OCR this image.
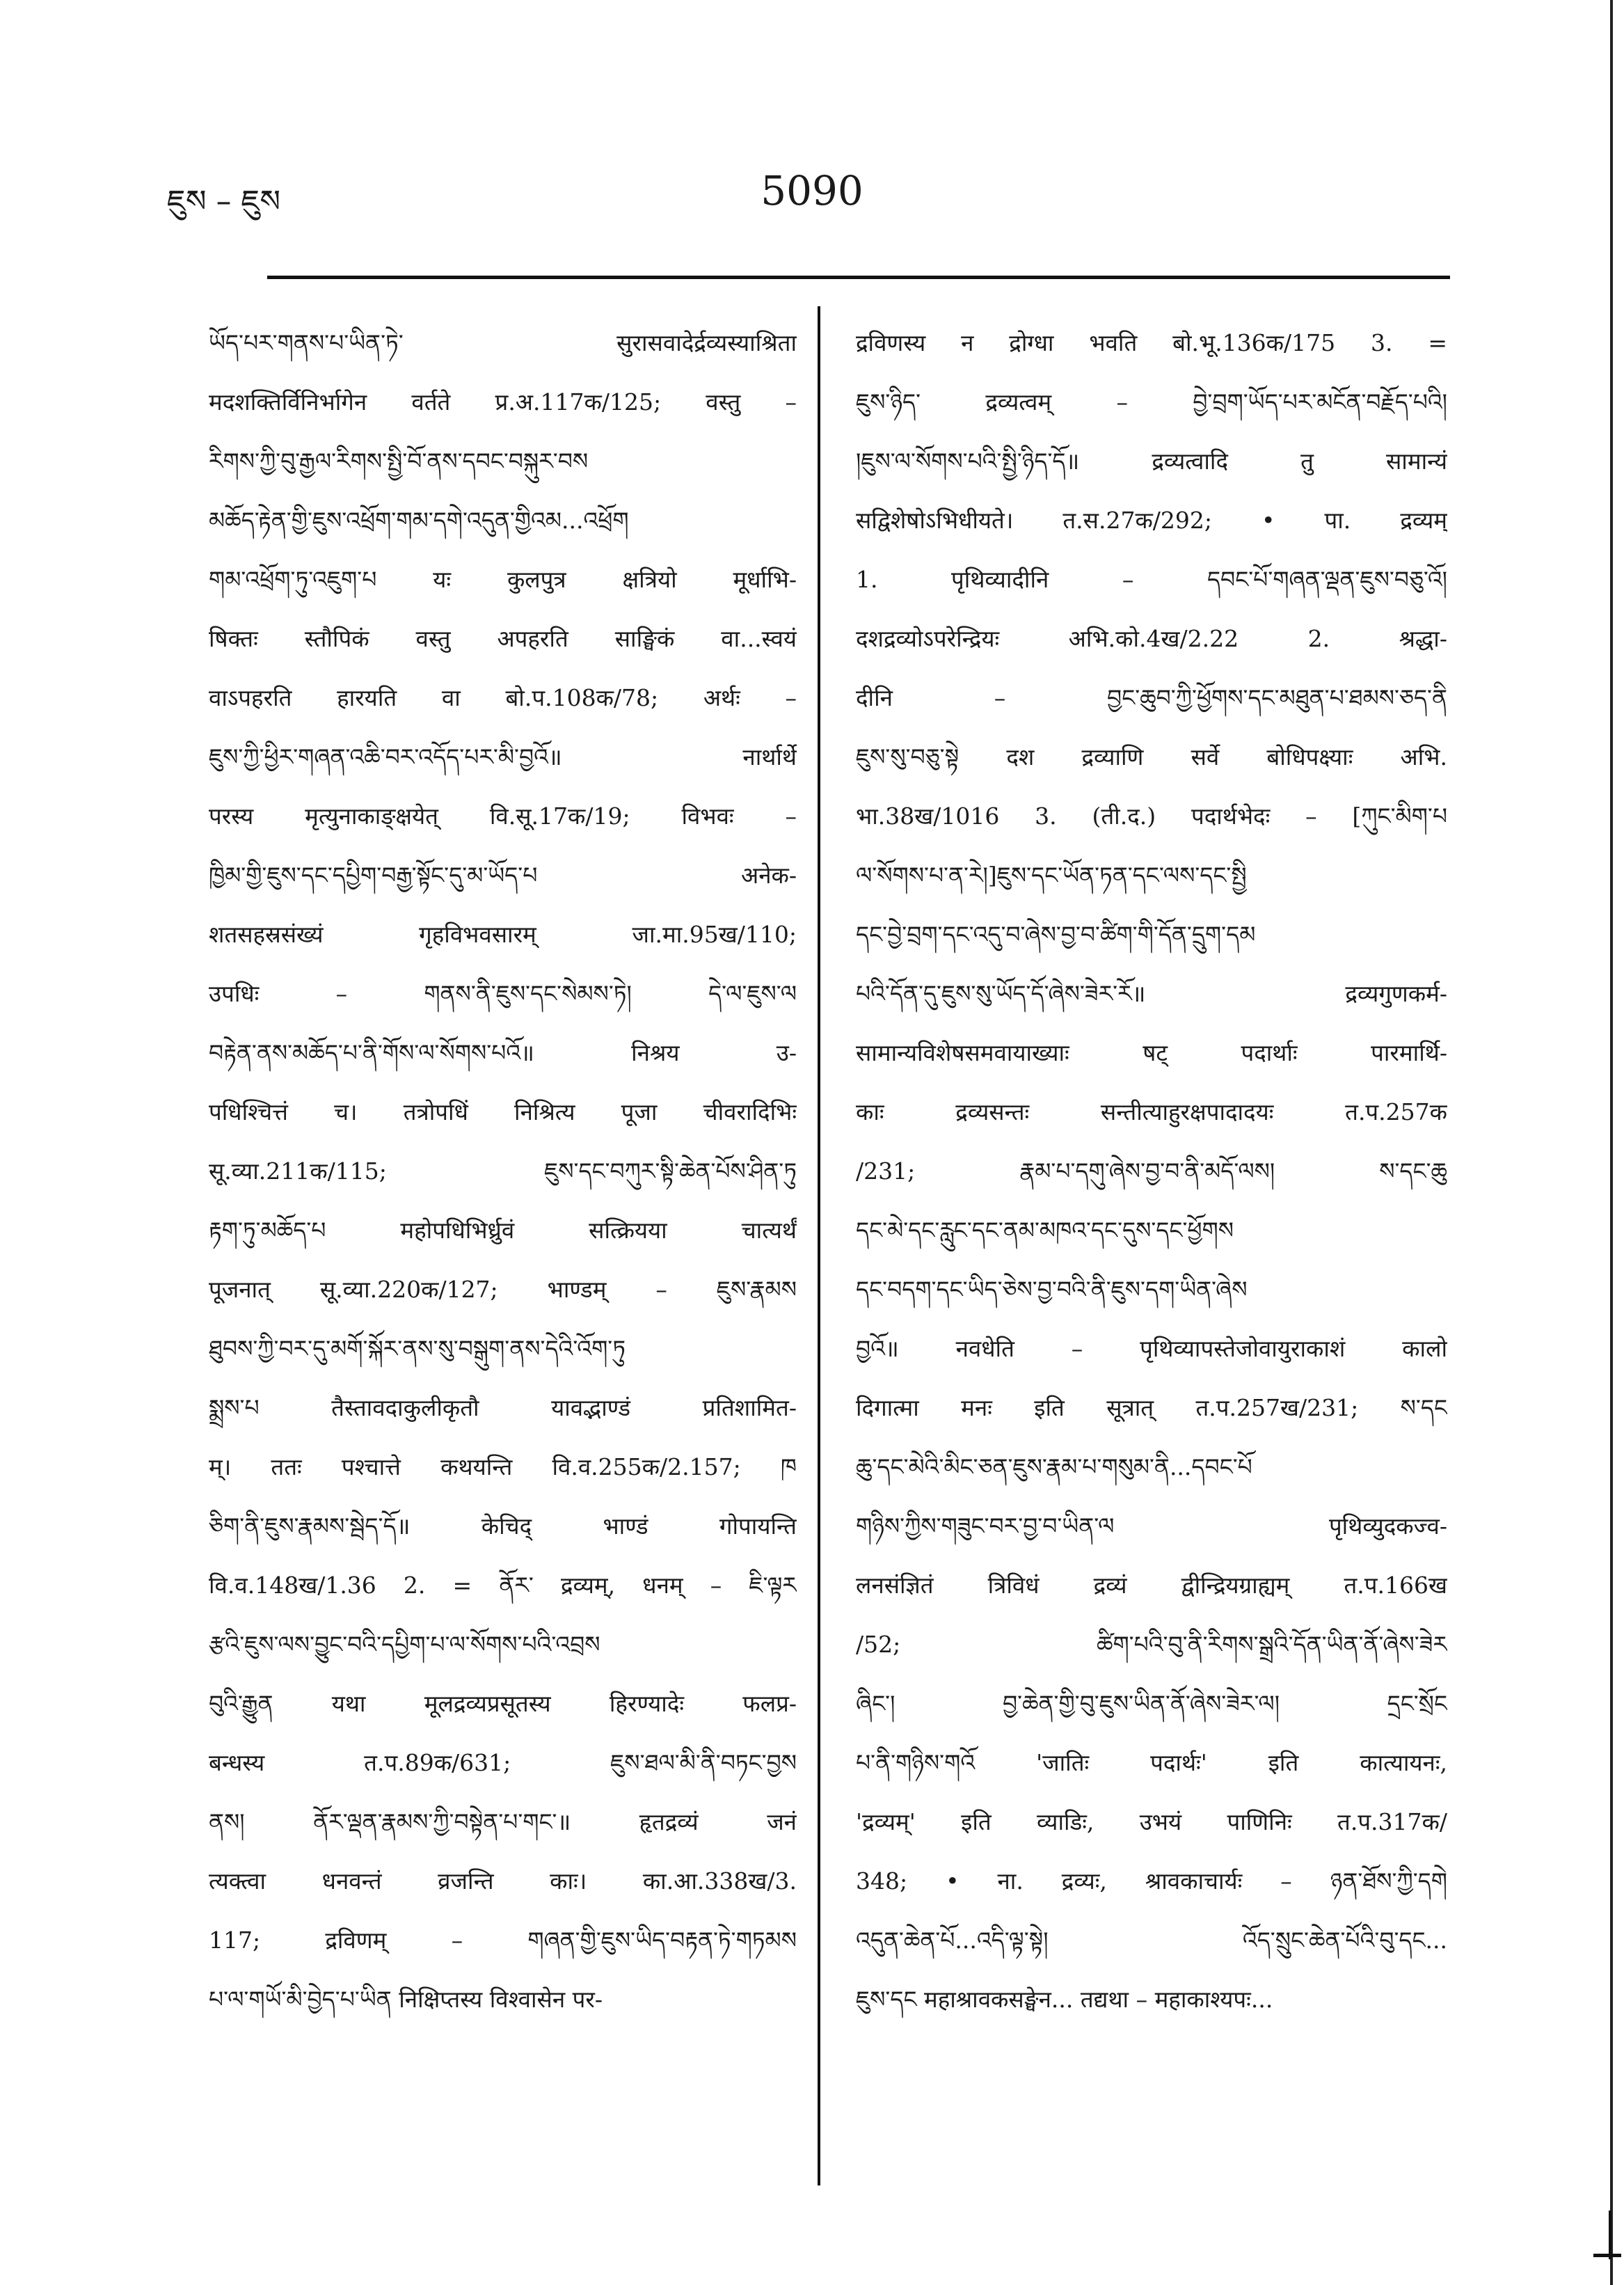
ཇུས – ཇུས	5090
ཡོད་པར་གནས་པ་ཡིན་ཏེ་ सुरासवादेर्द्रव्यस्याश्रिता
मदशक्तिर्विनिर्भागेन वर्तते प्र.अ.117क/125; वस्तु –
རིགས་ཀྱི་བུ་རྒྱལ་རིགས་སྤྱི་བོ་ནས་དབང་བསྐུར་བས
མཆོད་རྟེན་གྱི་ཇུས་འཕྲོག་གམ་དགེ་འདུན་གྱིའམ...འཕྲོག
གམ་འཕྲོག་ཏུ་འཇུག་པ यः कुलपुत्र क्षत्रियो मूर्धाभि-
षिक्तः स्तौपिकं वस्तु अपहरति साङ्घिकं वा...स्वयं
वाऽपहरति हारयति वा बो.प.108क/78; अर्थः –
ཇུས་ཀྱི་ཕྱིར་གཞན་འཆི་བར་འདོད་པར་མི་བྱའོ॥ नार्थार्थे
परस्य मृत्युनाकाङ्क्षयेत् वि.सू.17क/19; विभवः –
ཁྱིམ་གྱི་ཇུས་དང་དཔྱིག་བརྒྱ་སྟོང་དུ་མ་ཡོད་པ अनेक-
शतसहस्रसंख्यं गृहविभवसारम् जा.मा.95ख/110;
उपधिः – གནས་ནི་ཇུས་དང་སེམས་ཏེ། དེ་ལ་ཇུས་ལ
བརྟེན་ནས་མཆོད་པ་ནི་གོས་ལ་སོགས་པའོ॥ निश्रय उ-
पधिश्चित्तं च। तत्रोपधिं निश्रित्य पूजा चीवरादिभिः
सू.व्या.211क/115; ཇུས་དང་བཀུར་སྟི་ཆེན་པོས་ཤིན་ཏུ
རྟག་ཏུ་མཆོད་པ महोपधिभिर्ध्रुवं सत्क्रियया चात्यर्थं
पूजनात् सू.व्या.220क/127; भाण्डम् – ཇུས་རྣམས
ཐུབས་ཀྱི་བར་དུ་མགོ་སྐོར་ནས་སུ་བསྒུག་ནས་དེའི་འོག་ཏུ
སྨྲས་པ तैस्तावदाकुलीकृतौ यावद्भाण्डं प्रतिशामित-
म्। ततः पश्चात्ते कथयन्ति वि.व.255क/2.157; ཁ
ཅིག་ནི་ཇུས་རྣམས་སྦེད་དོ॥ केचिद् भाण्डं गोपायन्ति
वि.व.148ख/1.36 2. = ནོར་ द्रव्यम्, धनम् – ཇི་ལྟར
རྩའི་ཇུས་ལས་བྱུང་བའི་དཔྱིག་པ་ལ་སོགས་པའི་འབྲས
བུའི་རྒྱུན यथा मूलद्रव्यप्रसूतस्य हिरण्यादेः फलप्र-
बन्धस्य त.प.89क/631; ཇུས་ཐལ་མི་ནི་བཏང་བྱས
ནས། ནོར་ལྡན་རྣམས་ཀྱི་བསྟེན་པ་གང་॥ हृतद्रव्यं जनं
त्यक्त्वा धनवन्तं व्रजन्ति काः। का.आ.338ख/3.
117; द्रविणम् – གཞན་གྱི་ཇུས་ཡིད་བརྟན་ཏེ་གཏམས
པ་ལ་གཡོ་མི་བྱེད་པ་ཡིན निक्षिप्तस्य विश्वासेन पर-
द्रविणस्य न द्रोग्धा भवति बो.भू.136क/175 3. =
ཇུས་ཉིད་ द्रव्यत्वम् – བྱེ་བྲག་ཡོད་པར་མངོན་བརྗོད་པའི།
།ཇུས་ལ་སོགས་པའི་སྤྱི་ཉིད་དོ॥ द्रव्यत्वादि तु सामान्यं
सद्विशेषोऽभिधीयते। त.स.27क/292; • पा. द्रव्यम्
1. पृथिव्यादीनि – དབང་པོ་གཞན་ལྡན་ཇུས་བཅུ་འོ།
दशद्रव्योऽपरेन्द्रियः अभि.को.4ख/2.22 2. श्रद्धा-
दीनि – བྱང་ཆུབ་ཀྱི་ཕྱོགས་དང་མཐུན་པ་ཐམས་ཅད་ནི
ཇུས་སུ་བཅུ་སྟེ दश द्रव्याणि सर्वे बोधिपक्ष्याः अभि.
भा.38ख/1016 3. (ती.द.) पदार्थभेदः – [ཀུང་མིག་པ
ལ་སོགས་པ་ན་རེ།]ཇུས་དང་ཡོན་ཏན་དང་ལས་དང་སྤྱི
དང་བྱེ་བྲག་དང་འདུ་བ་ཞེས་བྱ་བ་ཚིག་གི་དོན་དྲུག་དམ
པའི་དོན་དུ་ཇུས་སུ་ཡོད་དོ་ཞེས་ཟེར་རོ॥ द्रव्यगुणकर्म-
सामान्यविशेषसमवायाख्याः षट् पदार्थाः पारमार्थि-
काः द्रव्यसन्तः सन्तीत्याहुरक्षपादादयः त.प.257क
/231; རྣམ་པ་དགུ་ཞེས་བྱ་བ་ནི་མདོ་ལས། ས་དང་ཆུ
དང་མེ་དང་རླུང་དང་ནམ་མཁའ་དང་དུས་དང་ཕྱོགས
དང་བདག་དང་ཡིད་ཅེས་བྱ་བའི་ནི་ཇུས་དག་ཡིན་ཞེས
བྱའོ॥ नवधेति – पृथिव्यापस्तेजोवायुराकाशं कालो
दिगात्मा मनः इति सूत्रात् त.प.257ख/231; ས་དང
ཆུ་དང་མེའི་མིང་ཅན་ཇུས་རྣམ་པ་གསུམ་ནི...དབང་པོ
གཉིས་ཀྱིས་གཟུང་བར་བྱ་བ་ཡིན་ལ पृथिव्युदकज्व-
लनसंज्ञितं त्रिविधं द्रव्यं द्वीन्द्रियग्राह्यम् त.प.166ख
/52; ཚིག་པའི་བུ་ནི་རིགས་སྒྲའི་དོན་ཡིན་ནོ་ཞེས་ཟེར
ཞིང་། བྱ་ཆེན་གྱི་བུ་ཇུས་ཡིན་ནོ་ཞེས་ཟེར་ལ། དྲང་སྲོང
པ་ནི་གཉིས་གའོ 'जातिः पदार्थः' इति कात्यायनः,
'द्रव्यम्' इति व्याडिः, उभयं पाणिनिः त.प.317क/
348; • ना. द्रव्यः, श्रावकाचार्यः – ཉན་ཐོས་ཀྱི་དགེ
འདུན་ཆེན་པོ...འདི་ལྟ་སྟེ། འོད་སྲུང་ཆེན་པོའི་བུ་དང...
ཇུས་དང महाश्रावकसङ्घेन... तद्यथा – महाकाश्यपः...
